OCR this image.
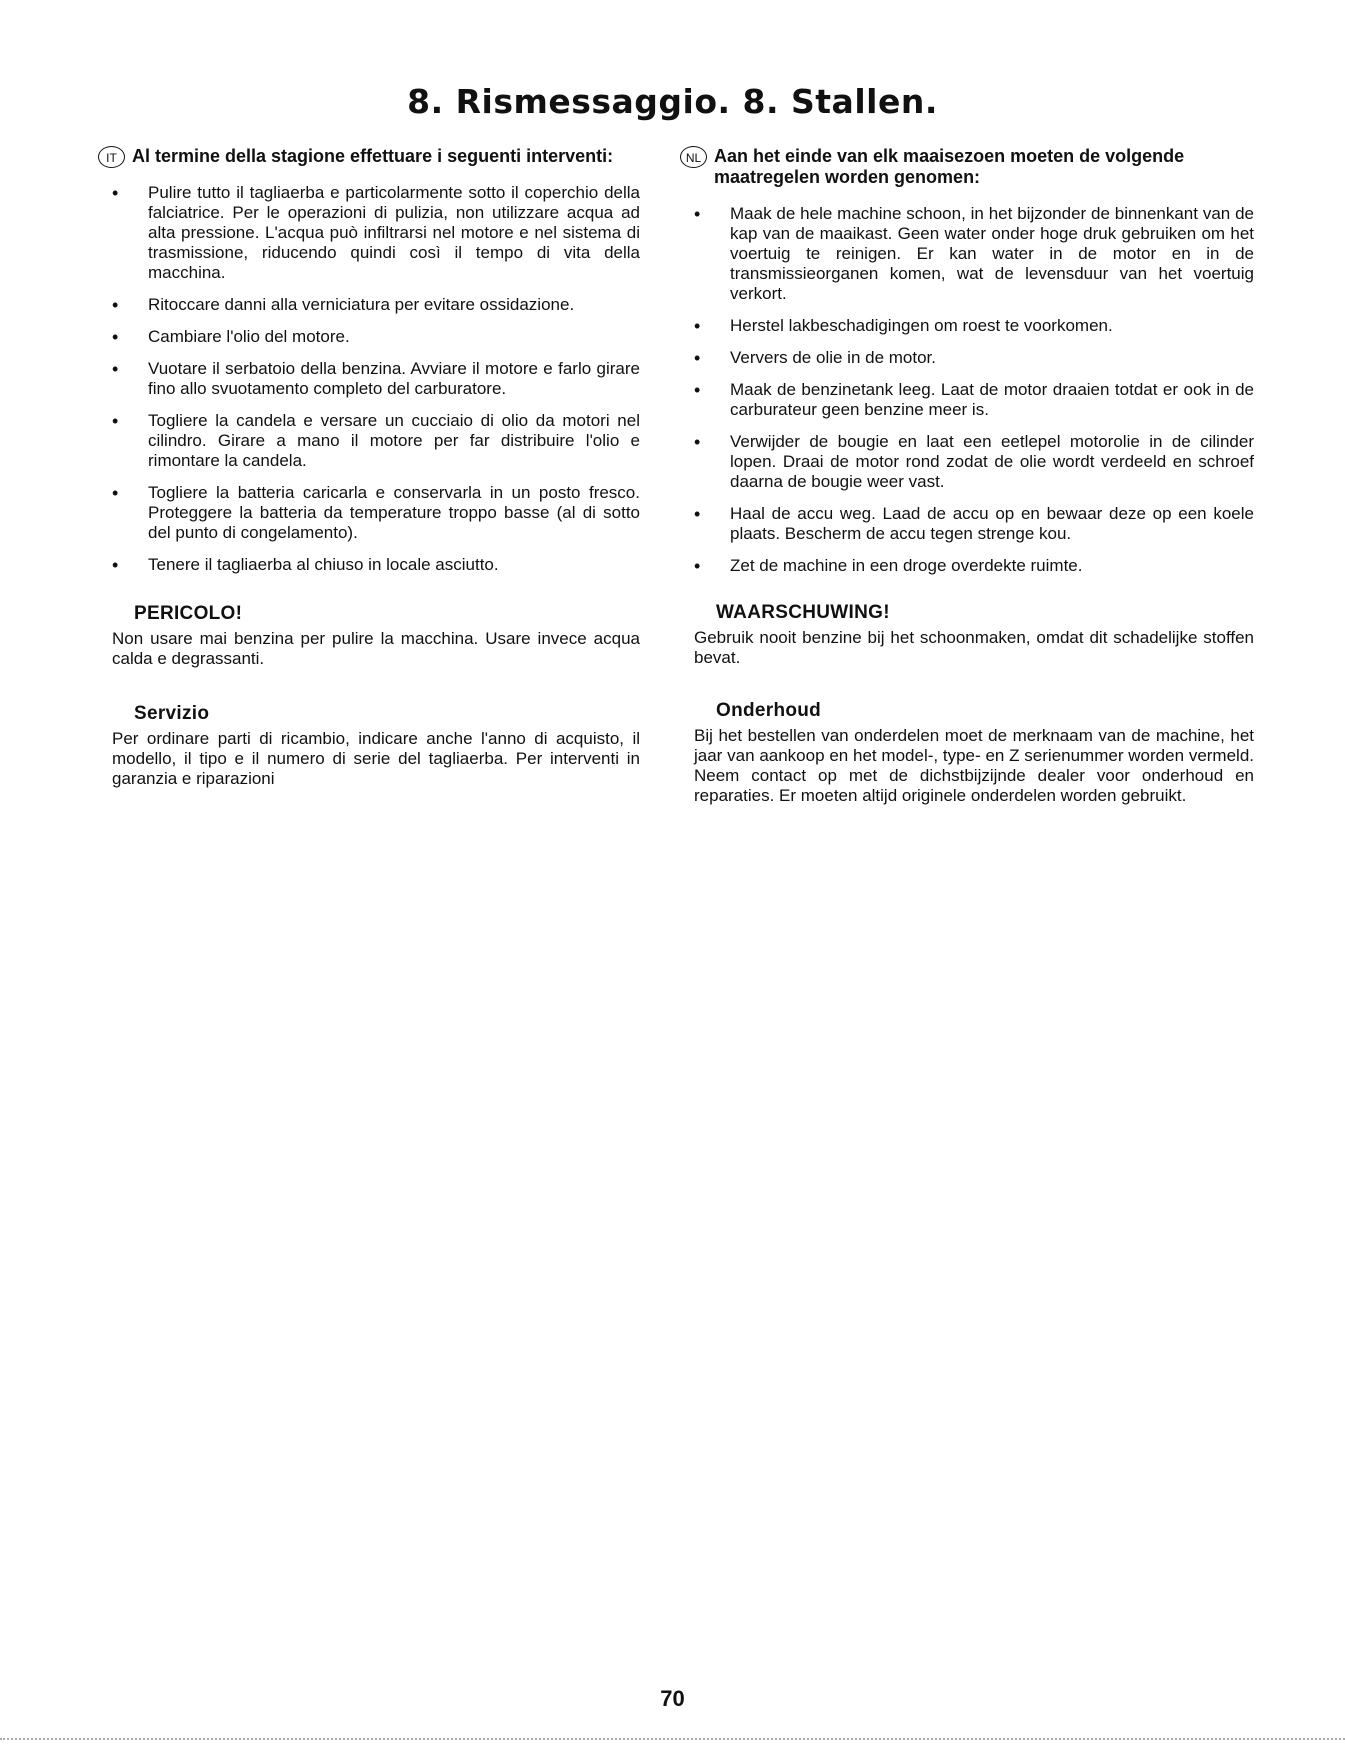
8. Rismessaggio. 8. Stallen.
IT Al termine della stagione effettuare i seguenti interventi:
• Pulire tutto il tagliaerba e particolarmente sotto il coperchio della falciatrice. Per le operazioni di pulizia, non utilizzare acqua ad alta pressione. L'acqua può infiltrarsi nel motore e nel sistema di trasmissione, riducendo quindi così il tempo di vita della macchina.
• Ritoccare danni alla verniciatura per evitare ossidazione.
• Cambiare l'olio del motore.
• Vuotare il serbatoio della benzina. Avviare il motore e farlo girare fino allo svuotamento completo del carburatore.
• Togliere la candela e versare un cucciaio di olio da motori nel cilindro. Girare a mano il motore per far distribuire l'olio e rimontare la candela.
• Togliere la batteria caricarla e conservarla in un posto fresco. Proteggere la batteria da temperature troppo basse (al di sotto del punto di congelamento).
• Tenere il tagliaerba al chiuso in locale asciutto.
PERICOLO!

Non usare mai benzina per pulire la macchina. Usare invece acqua calda e degrassanti.

Servizio

Per ordinare parti di ricambio, indicare anche l'anno di acquisto, il modello, il tipo e il numero di serie del tagliaerba. Per interventi in garanzia e riparazioni

NL Aan het einde van elk maaisezoen moeten de volgende maatregelen worden genomen:
• Maak de hele machine schoon, in het bijzonder de binnenkant van de kap van de maaikast. Geen water onder hoge druk gebruiken om het voertuig te reinigen. Er kan water in de motor en in de transmissieorganen komen, wat de levensduur van het voertuig verkort.
• Herstel lakbeschadigingen om roest te voorkomen.
• Ververs de olie in de motor.
• Maak de benzinetank leeg. Laat de motor draaien totdat er ook in de carburateur geen benzine meer is.
• Verwijder de bougie en laat een eetlepel motorolie in de cilinder lopen. Draai de motor rond zodat de olie wordt verdeeld en schroef daarna de bougie weer vast.
• Haal de accu weg. Laad de accu op en bewaar deze op een koele plaats. Bescherm de accu tegen strenge kou.
• Zet de machine in een droge overdekte ruimte.
WAARSCHUWING!

Gebruik nooit benzine bij het schoonmaken, omdat dit schadelijke stoffen bevat.

Onderhoud

Bij het bestellen van onderdelen moet de merknaam van de machine, het jaar van aankoop en het model-, type- en Z serienummer worden vermeld. Neem contact op met de dichstbijzijnde dealer voor onderhoud en reparaties. Er moeten altijd originele onderdelen worden gebruikt.

70
